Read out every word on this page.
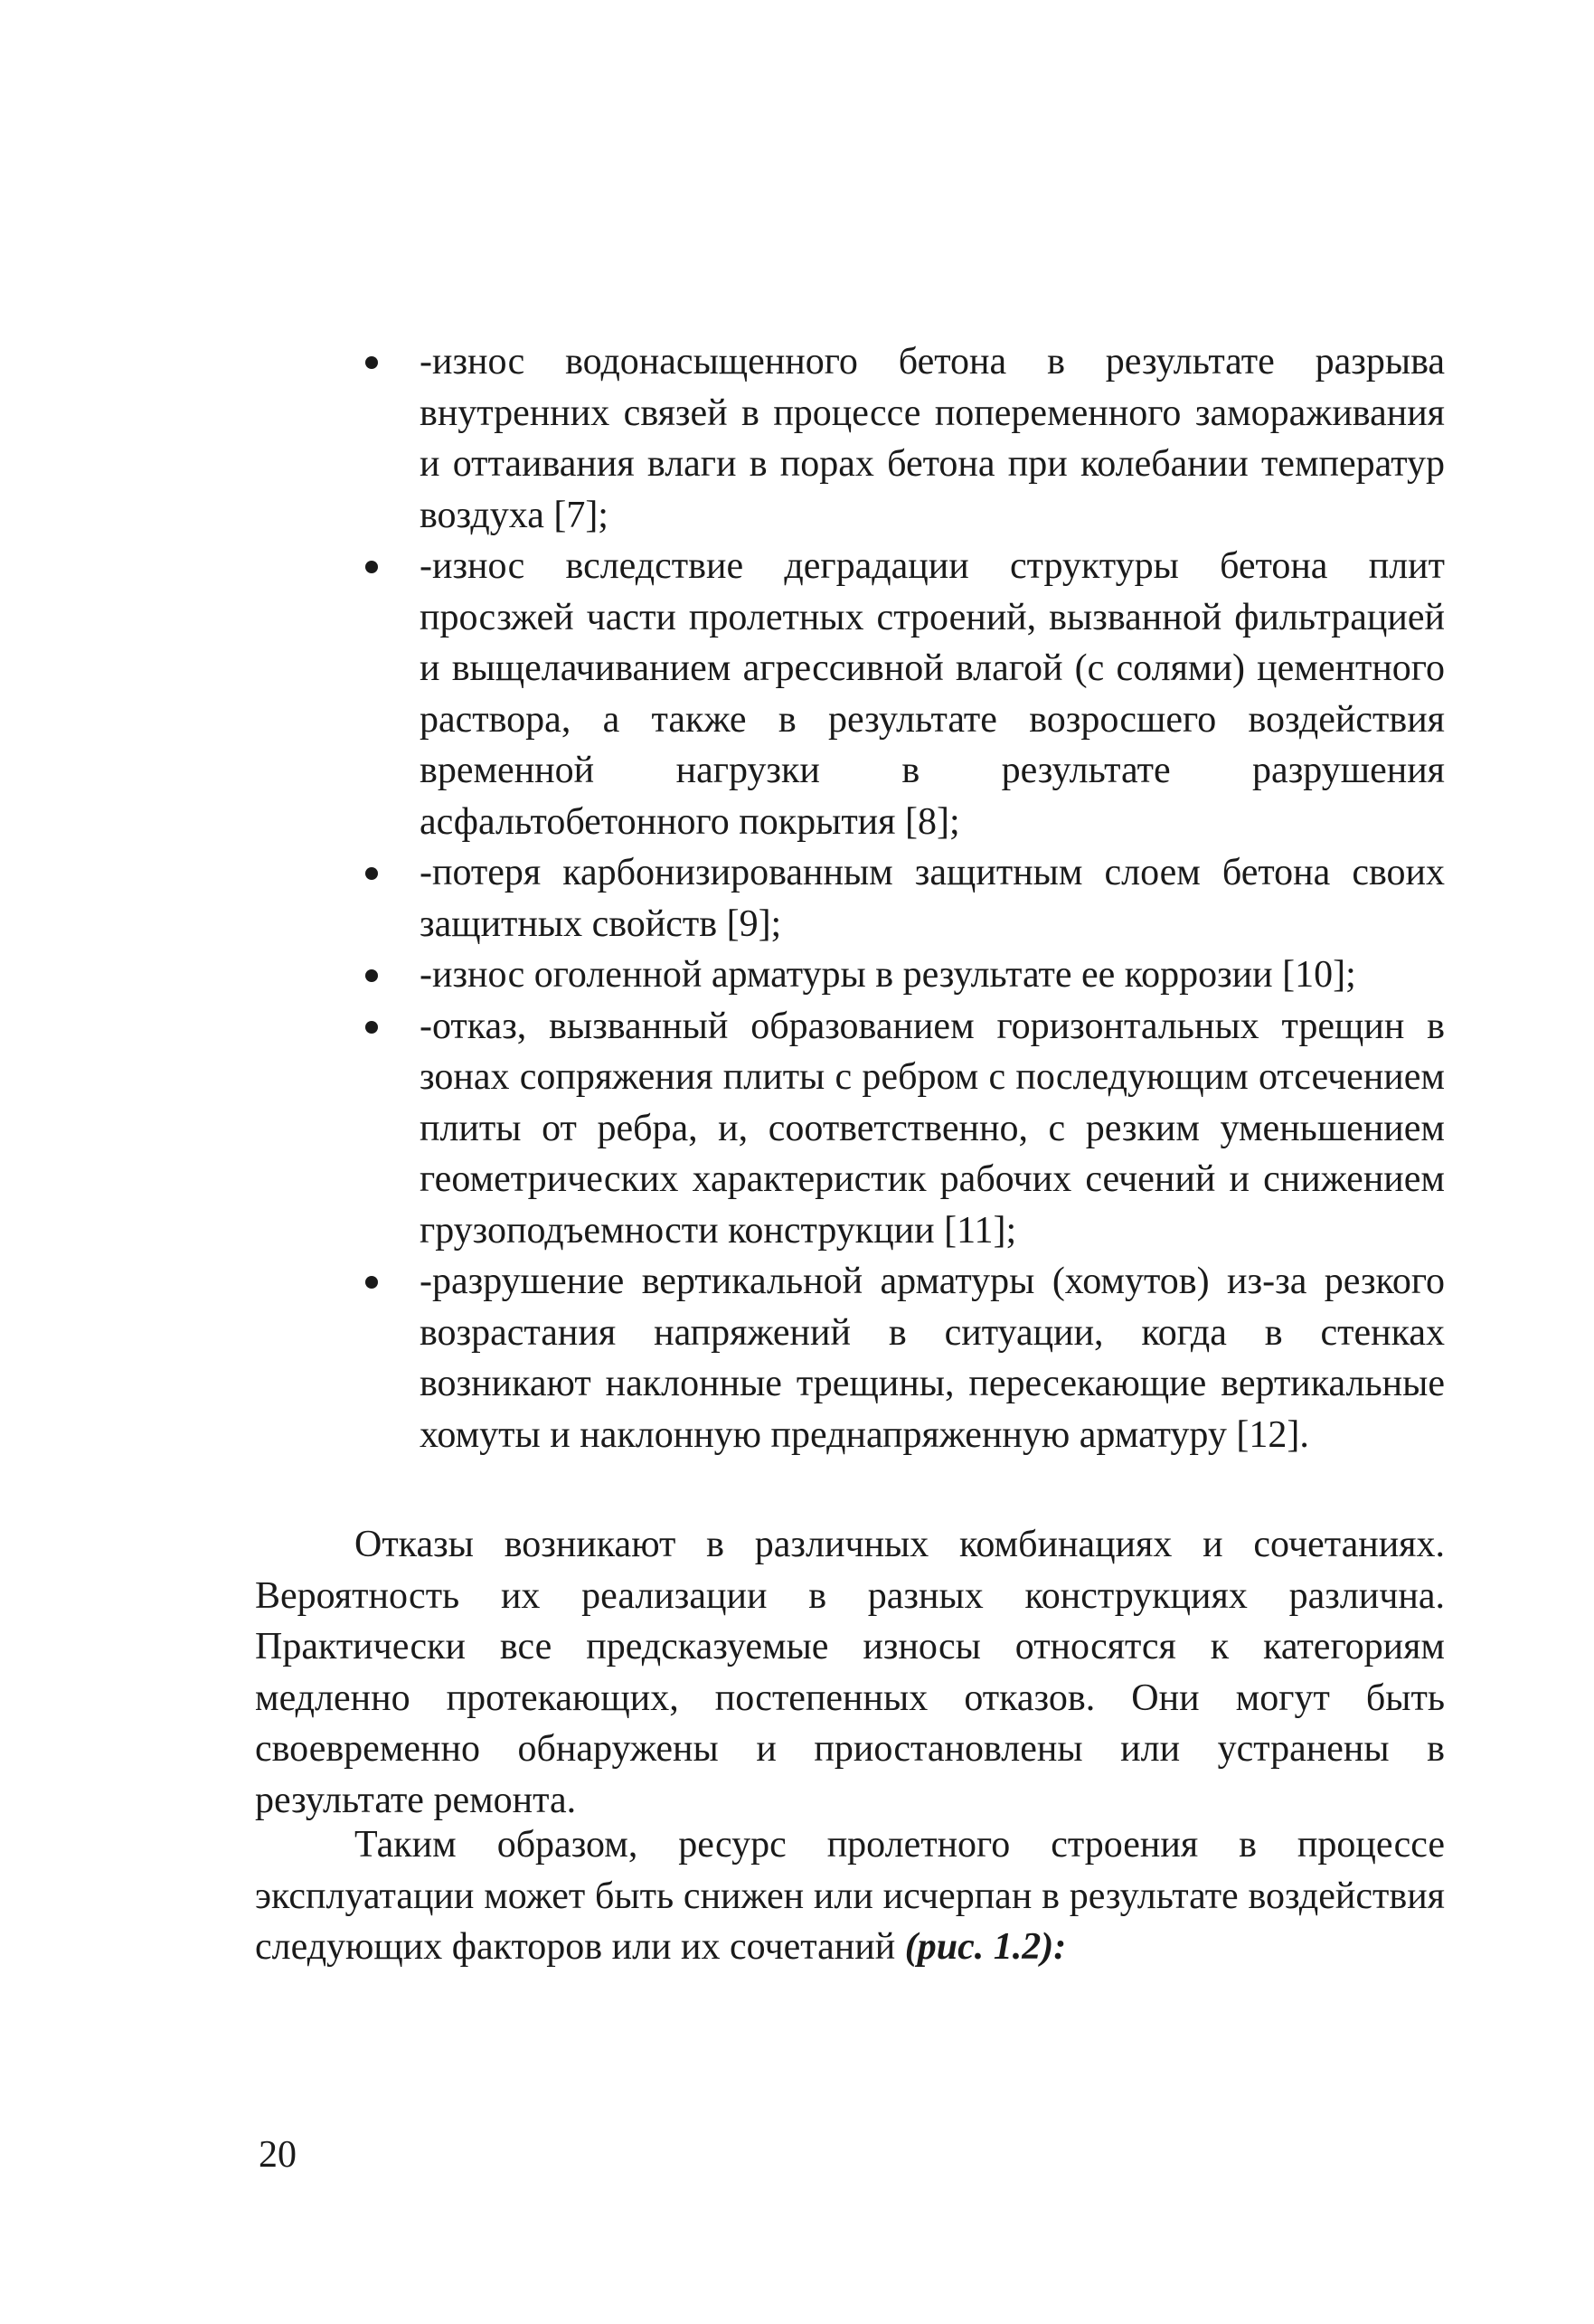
-износ водонасыщенного бетона в результате разрыва внутренних связей в процессе попеременного замораживания и оттаивания влаги в порах бетона при колебании температур воздуха [7];
-износ вследствие деградации структуры бетона плит просзжей части пролетных строений, вызванной фильтрацией и выщелачиванием агрессивной влагой (с солями) цементного раствора, а также в результате возросшего воздействия временной нагрузки в результате разрушения асфальтобетонного покрытия [8];
-потеря карбонизированным защитным слоем бетона своих защитных свойств [9];
-износ оголенной арматуры в результате ее коррозии [10];
-отказ, вызванный образованием горизонтальных трещин в зонах сопряжения плиты с ребром с последующим отсечением плиты от ребра, и, соответственно, с резким уменьшением геометрических характеристик рабочих сечений и снижением грузоподъемности конструкции [11];
-разрушение вертикальной арматуры (хомутов) из-за резкого возрастания напряжений в ситуации, когда в стенках возникают наклонные трещины, пересекающие вертикальные хомуты и наклонную преднапряженную арматуру [12].

Отказы возникают в различных комбинациях и сочетаниях. Вероятность их реализации в разных конструкциях различна. Практически все предсказуемые износы относятся к категориям медленно протекающих, постепенных отказов. Они могут быть своевременно обнаружены и приостановлены или устранены в результате ремонта.

Таким образом, ресурс пролетного строения в процессе эксплуатации может быть снижен или исчерпан в результате воздействия следующих факторов или их сочетаний (рис. 1.2):

20
